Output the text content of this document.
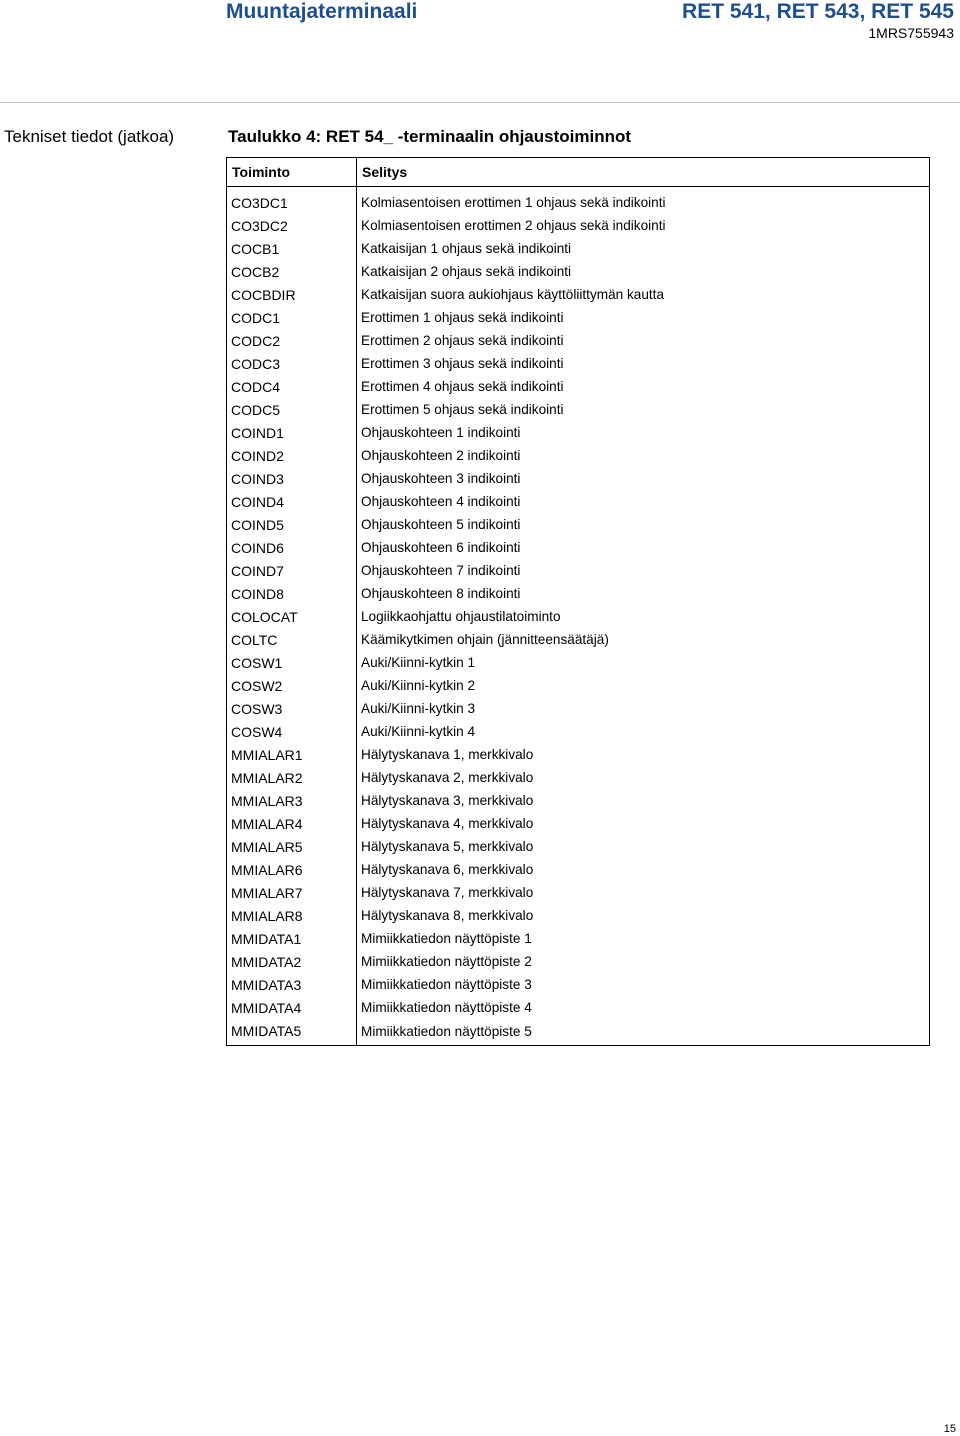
Muuntajaterminaali	RET 541, RET 543, RET 545
1MRS755943
Tekniset tiedot (jatkoa)	Taulukko 4: RET 54_ -terminaalin ohjaustoiminnot
Toiminto	Selitys
CO3DC1	Kolmiasentoisen erottimen 1 ohjaus sekä indikointi
CO3DC2	Kolmiasentoisen erottimen 2 ohjaus sekä indikointi
COCB1	Katkaisijan 1 ohjaus sekä indikointi
COCB2	Katkaisijan 2 ohjaus sekä indikointi
COCBDIR	Katkaisijan suora aukiohjaus käyttöliittymän kautta
CODC1	Erottimen 1 ohjaus sekä indikointi
CODC2	Erottimen 2 ohjaus sekä indikointi
CODC3	Erottimen 3 ohjaus sekä indikointi
CODC4	Erottimen 4 ohjaus sekä indikointi
CODC5	Erottimen 5 ohjaus sekä indikointi
COIND1	Ohjauskohteen 1 indikointi
COIND2	Ohjauskohteen 2 indikointi
COIND3	Ohjauskohteen 3 indikointi
COIND4	Ohjauskohteen 4 indikointi
COIND5	Ohjauskohteen 5 indikointi
COIND6	Ohjauskohteen 6 indikointi
COIND7	Ohjauskohteen 7 indikointi
COIND8	Ohjauskohteen 8 indikointi
COLOCAT	Logiikkaohjattu ohjaustilatoiminto
COLTC	Käämikytkimen ohjain (jännitteensäätäjä)
COSW1	Auki/Kiinni-kytkin 1
COSW2	Auki/Kiinni-kytkin 2
COSW3	Auki/Kiinni-kytkin 3
COSW4	Auki/Kiinni-kytkin 4
MMIALAR1	Hälytyskanava 1, merkkivalo
MMIALAR2	Hälytyskanava 2, merkkivalo
MMIALAR3	Hälytyskanava 3, merkkivalo
MMIALAR4	Hälytyskanava 4, merkkivalo
MMIALAR5	Hälytyskanava 5, merkkivalo
MMIALAR6	Hälytyskanava 6, merkkivalo
MMIALAR7	Hälytyskanava 7, merkkivalo
MMIALAR8	Hälytyskanava 8, merkkivalo
MMIDATA1	Mimiikkatiedon näyttöpiste 1
MMIDATA2	Mimiikkatiedon näyttöpiste 2
MMIDATA3	Mimiikkatiedon näyttöpiste 3
MMIDATA4	Mimiikkatiedon näyttöpiste 4
MMIDATA5	Mimiikkatiedon näyttöpiste 5
15
